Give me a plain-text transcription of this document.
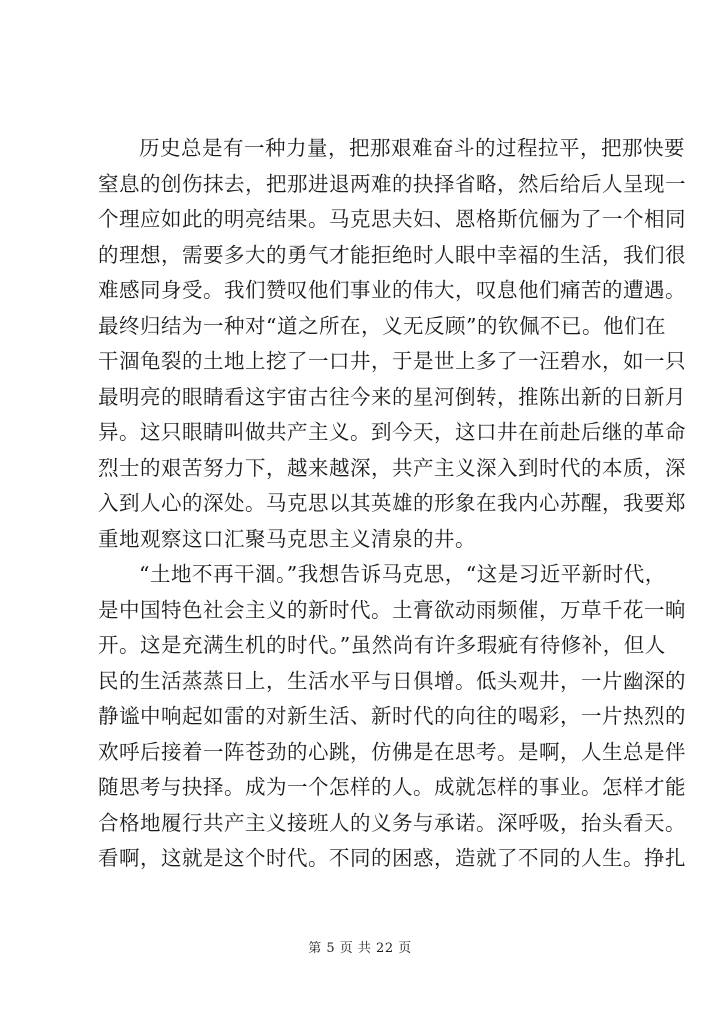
历史总是有一种力量，把那艰难奋斗的过程拉平，把那快要
窒息的创伤抹去，把那进退两难的抉择省略，然后给后人呈现一
个理应如此的明亮结果。马克思夫妇、恩格斯伉俪为了一个相同
的理想，需要多大的勇气才能拒绝时人眼中幸福的生活，我们很
难感同身受。我们赞叹他们事业的伟大，叹息他们痛苦的遭遇。
最终归结为一种对“道之所在，义无反顾”的钦佩不已。他们在
干涸龟裂的土地上挖了一口井，于是世上多了一汪碧水，如一只
最明亮的眼睛看这宇宙古往今来的星河倒转，推陈出新的日新月
异。这只眼睛叫做共产主义。到今天，这口井在前赴后继的革命
烈士的艰苦努力下，越来越深，共产主义深入到时代的本质，深
入到人心的深处。马克思以其英雄的形象在我内心苏醒，我要郑
重地观察这口汇聚马克思主义清泉的井。
“土地不再干涸。”我想告诉马克思，“这是习近平新时代，
是中国特色社会主义的新时代。土膏欲动雨频催，万草千花一晌
开。这是充满生机的时代。”虽然尚有许多瑕疵有待修补，但人
民的生活蒸蒸日上，生活水平与日俱增。低头观井，一片幽深的
静谧中响起如雷的对新生活、新时代的向往的喝彩，一片热烈的
欢呼后接着一阵苍劲的心跳，仿佛是在思考。是啊，人生总是伴
随思考与抉择。成为一个怎样的人。成就怎样的事业。怎样才能
合格地履行共产主义接班人的义务与承诺。深呼吸，抬头看天。
看啊，这就是这个时代。不同的困惑，造就了不同的人生。挣扎
第 5 页 共 22 页
